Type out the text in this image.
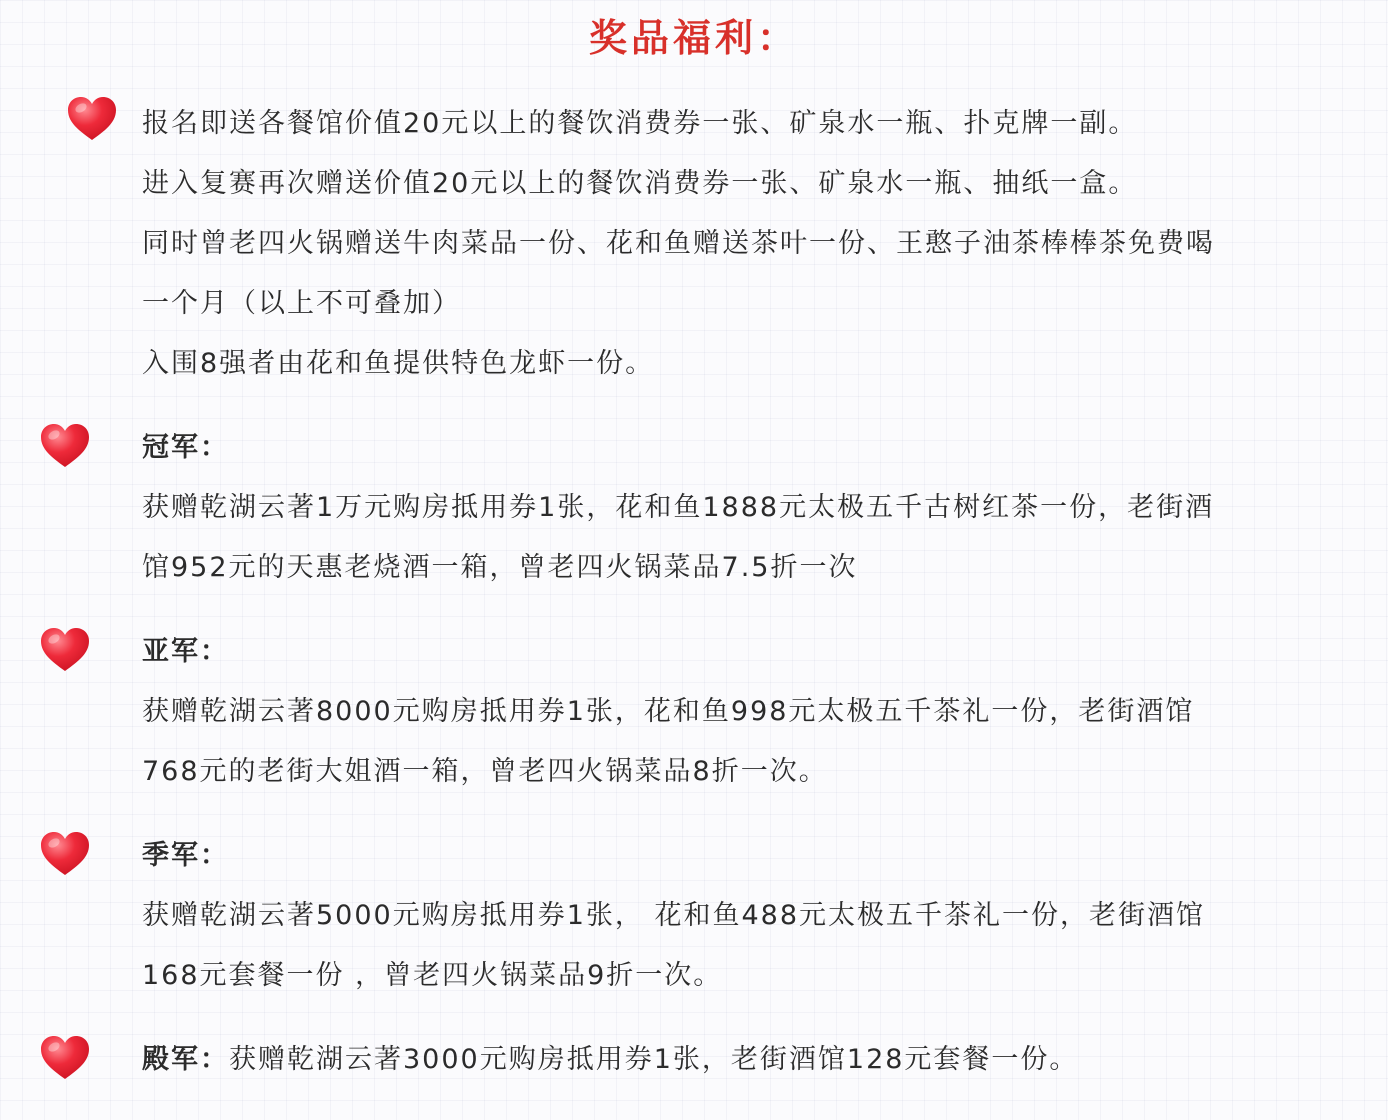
奖品福利：
报名即送各餐馆价值20元以上的餐饮消费券一张、矿泉水一瓶、扑克牌一副。
进入复赛再次赠送价值20元以上的餐饮消费券一张、矿泉水一瓶、抽纸一盒。
同时曾老四火锅赠送牛肉菜品一份、花和鱼赠送茶叶一份、王憨子油茶棒棒茶免费喝
一个月（以上不可叠加）
入围8强者由花和鱼提供特色龙虾一份。
冠军：
获赠乾湖云著1万元购房抵用券1张，花和鱼1888元太极五千古树红茶一份，老街酒
馆952元的天惠老烧酒一箱，曾老四火锅菜品7.5折一次
亚军：
获赠乾湖云著8000元购房抵用券1张，花和鱼998元太极五千茶礼一份，老街酒馆
768元的老街大姐酒一箱，曾老四火锅菜品8折一次。
季军：
获赠乾湖云著5000元购房抵用券1张， 花和鱼488元太极五千茶礼一份，老街酒馆
168元套餐一份 ，曾老四火锅菜品9折一次。
殿军：获赠乾湖云著3000元购房抵用券1张，老街酒馆128元套餐一份。
